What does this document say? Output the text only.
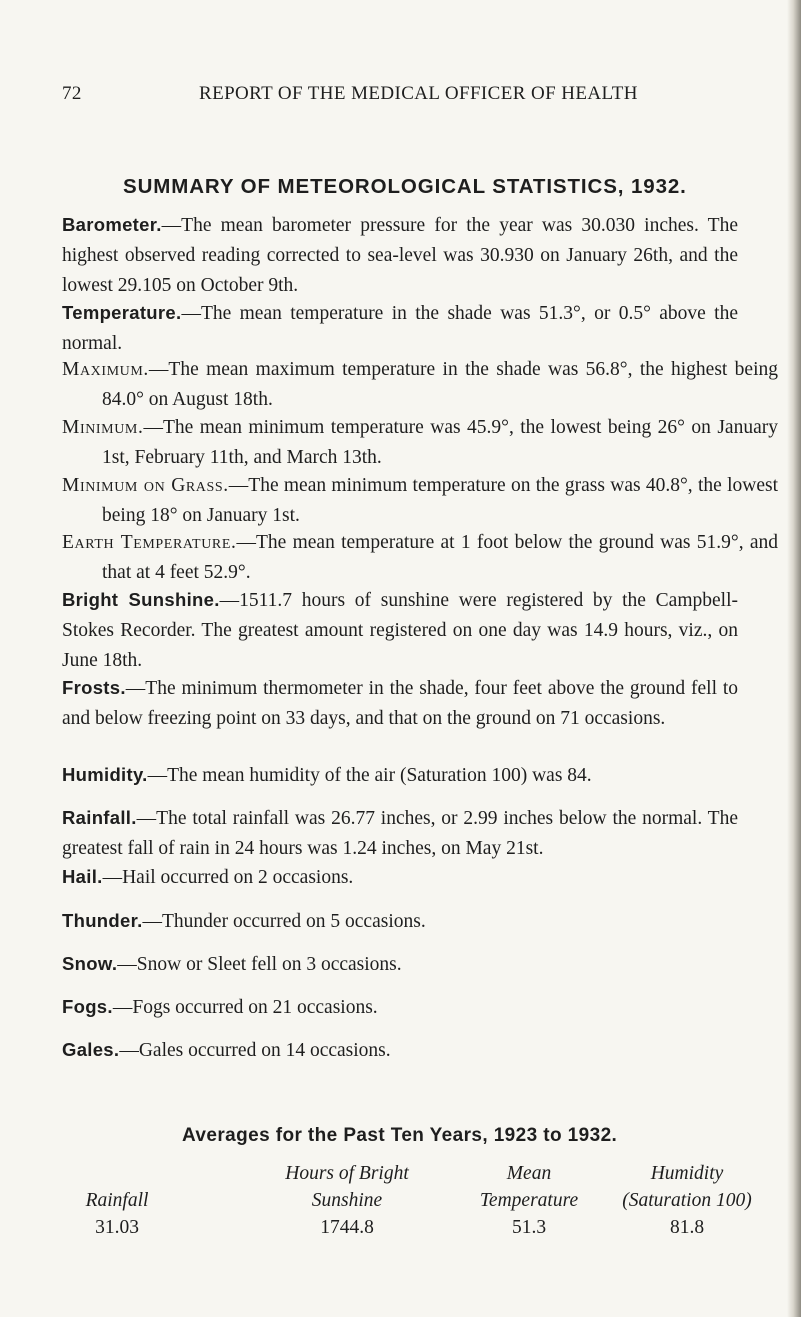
72	REPORT OF THE MEDICAL OFFICER OF HEALTH
SUMMARY OF METEOROLOGICAL STATISTICS, 1932.

Barometer.—The mean barometer pressure for the year was 30.030 inches. The highest observed reading corrected to sea-level was 30.930 on January 26th, and the lowest 29.105 on October 9th.

Temperature.—The mean temperature in the shade was 51.3°, or 0.5° above the normal.

Maximum.—The mean maximum temperature in the shade was 56.8°, the highest being 84.0° on August 18th.

Minimum.—The mean minimum temperature was 45.9°, the lowest being 26° on January 1st, February 11th, and March 13th.

Minimum on Grass.—The mean minimum temperature on the grass was 40.8°, the lowest being 18° on January 1st.

Earth Temperature.—The mean temperature at 1 foot below the ground was 51.9°, and that at 4 feet 52.9°.

Bright Sunshine.—1511.7 hours of sunshine were registered by the Campbell-Stokes Recorder. The greatest amount registered on one day was 14.9 hours, viz., on June 18th.

Frosts.—The minimum thermometer in the shade, four feet above the ground fell to and below freezing point on 33 days, and that on the ground on 71 occasions.

Humidity.—The mean humidity of the air (Saturation 100) was 84.

Rainfall.—The total rainfall was 26.77 inches, or 2.99 inches below the normal. The greatest fall of rain in 24 hours was 1.24 inches, on May 21st.

Hail.—Hail occurred on 2 occasions.

Thunder.—Thunder occurred on 5 occasions.

Averages for the Past Ten Years, 1923 to 1932.

Rainfall
31.03
Hours of Bright
Sunshine
1744.8
Mean
Temperature
51.3
Humidity
(Saturation 100)
81.8

Snow.—Snow or Sleet fell on 3 occasions.

Fogs.—Fogs occurred on 21 occasions.

Gales.—Gales occurred on 14 occasions.
